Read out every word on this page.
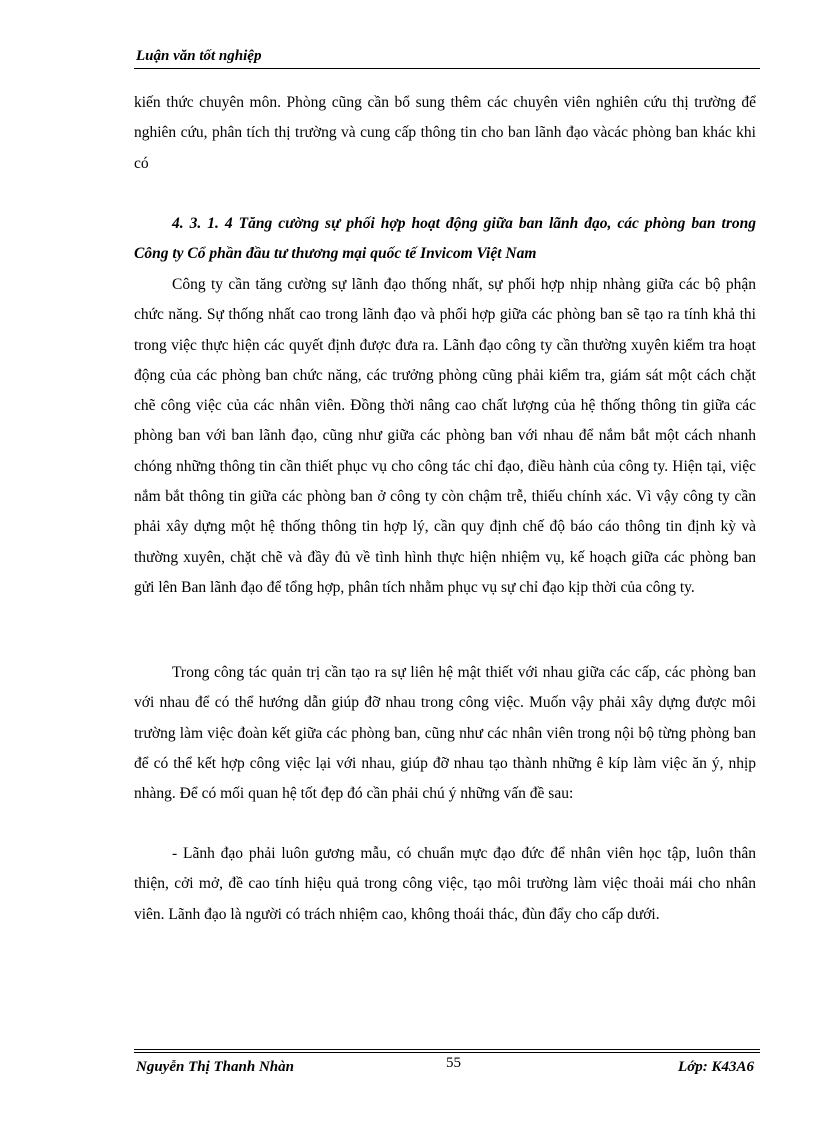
Luận văn tốt nghiệp

kiến thức chuyên môn. Phòng cũng cần bổ sung thêm các chuyên viên nghiên cứu thị trường để nghiên cứu, phân tích thị trường và cung cấp thông tin cho ban lãnh đạo vàcác phòng ban khác khi có

4. 3. 1. 4 Tăng cường sự phối hợp hoạt động giữa ban lãnh đạo, các phòng ban trong Công ty Cổ phần đầu tư thương mại quốc tế Invicom Việt Nam

Công ty cần tăng cường sự lãnh đạo thống nhất, sự phối hợp nhịp nhàng giữa các bộ phận chức năng. Sự thống nhất cao trong lãnh đạo và phối hợp giữa các phòng ban sẽ tạo ra tính khả thi trong việc thực hiện các quyết định được đưa ra. Lãnh đạo công ty cần thường xuyên kiểm tra hoạt động của các phòng ban chức năng, các trưởng phòng cũng phải kiểm tra, giám sát một cách chặt chẽ công việc của các nhân viên. Đồng thời nâng cao chất lượng của hệ thống thông tin giữa các phòng ban với ban lãnh đạo, cũng như giữa các phòng ban với nhau để nắm bắt một cách nhanh chóng những thông tin cần thiết phục vụ cho công tác chỉ đạo, điều hành của công ty. Hiện tại, việc nắm bắt thông tin giữa các phòng ban ở công ty còn chậm trễ, thiếu chính xác. Vì vậy công ty cần phải xây dựng một hệ thống thông tin hợp lý, cần quy định chế độ báo cáo thông tin định kỳ và thường xuyên, chặt chẽ và đầy đủ về tình hình thực hiện nhiệm vụ, kế hoạch giữa các phòng ban gửi lên Ban lãnh đạo để tổng hợp, phân tích nhằm phục vụ sự chỉ đạo kịp thời của công ty.

Trong công tác quản trị cần tạo ra sự liên hệ mật thiết với nhau giữa các cấp, các phòng ban với nhau để có thể hướng dẫn giúp đỡ nhau trong công việc. Muốn vậy phải xây dựng được môi trường làm việc đoàn kết giữa các phòng ban, cũng như các nhân viên trong nội bộ từng phòng ban để có thể kết hợp công việc lại với nhau, giúp đỡ nhau tạo thành những ê kíp làm việc ăn ý, nhịp nhàng. Để có mối quan hệ tốt đẹp đó cần phải chú ý những vấn đề sau:

- Lãnh đạo phải luôn gương mẫu, có chuẩn mực đạo đức để nhân viên học tập, luôn thân thiện, cởi mở, đề cao tính hiệu quả trong công việc, tạo môi trường làm việc thoải mái cho nhân viên. Lãnh đạo là người có trách nhiệm cao, không thoái thác, đùn đẩy cho cấp dưới.

Nguyễn Thị Thanh Nhàn	55	Lớp: K43A6
